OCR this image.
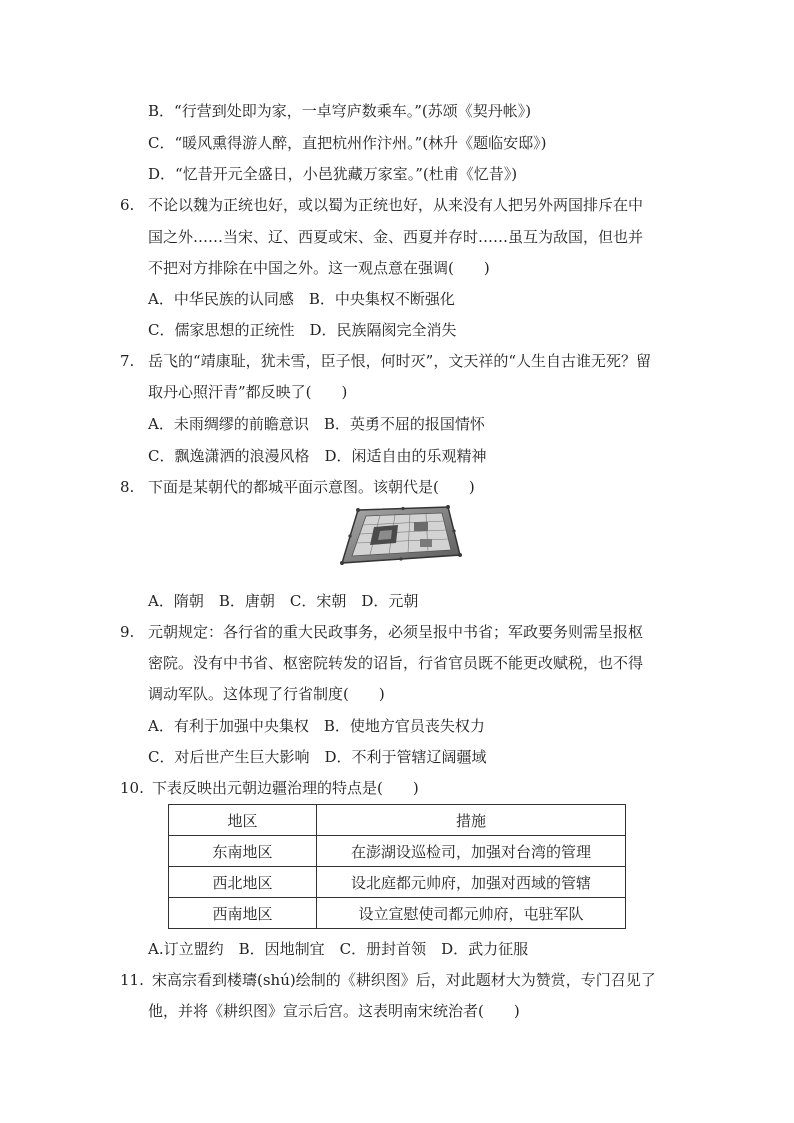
B．“行营到处即为家，一卓穹庐数乘车。”(苏颂《契丹帐》)
C．“暖风熏得游人醉，直把杭州作汴州。”(林升《题临安邸》)
D．“忆昔开元全盛日，小邑犹藏万家室。”(杜甫《忆昔》)
6. 不论以魏为正统也好，或以蜀为正统也好，从来没有人把另外两国排斥在中
国之外……当宋、辽、西夏或宋、金、西夏并存时……虽互为敌国，但也并
不把对方排除在中国之外。这一观点意在强调(　　)
A．中华民族的认同感　B．中央集权不断强化
C．儒家思想的正统性　D．民族隔阂完全消失
7. 岳飞的“靖康耻，犹未雪，臣子恨，何时灭”，文天祥的“人生自古谁无死？留
取丹心照汗青”都反映了(　　)
A．未雨绸缪的前瞻意识　B．英勇不屈的报国情怀
C．飘逸潇洒的浪漫风格　D．闲适自由的乐观精神
8. 下面是某朝代的都城平面示意图。该朝代是(　　)
A．隋朝　B．唐朝　C．宋朝　D．元朝
9. 元朝规定：各行省的重大民政事务，必须呈报中书省；军政要务则需呈报枢
密院。没有中书省、枢密院转发的诏旨，行省官员既不能更改赋税，也不得
调动军队。这体现了行省制度(　　)
A．有利于加强中央集权　B．使地方官员丧失权力
C．对后世产生巨大影响　D．不利于管辖辽阔疆域
10. 下表反映出元朝边疆治理的特点是(　　)
地区	措施
东南地区	在澎湖设巡检司，加强对台湾的管理
西北地区	设北庭都元帅府，加强对西域的管辖
西南地区	设立宣慰使司都元帅府，屯驻军队
A.订立盟约　B．因地制宜　C．册封首领　D．武力征服
11. 宋高宗看到楼璹(shú)绘制的《耕织图》后，对此题材大为赞赏，专门召见了
他，并将《耕织图》宣示后宫。这表明南宋统治者(　　)
